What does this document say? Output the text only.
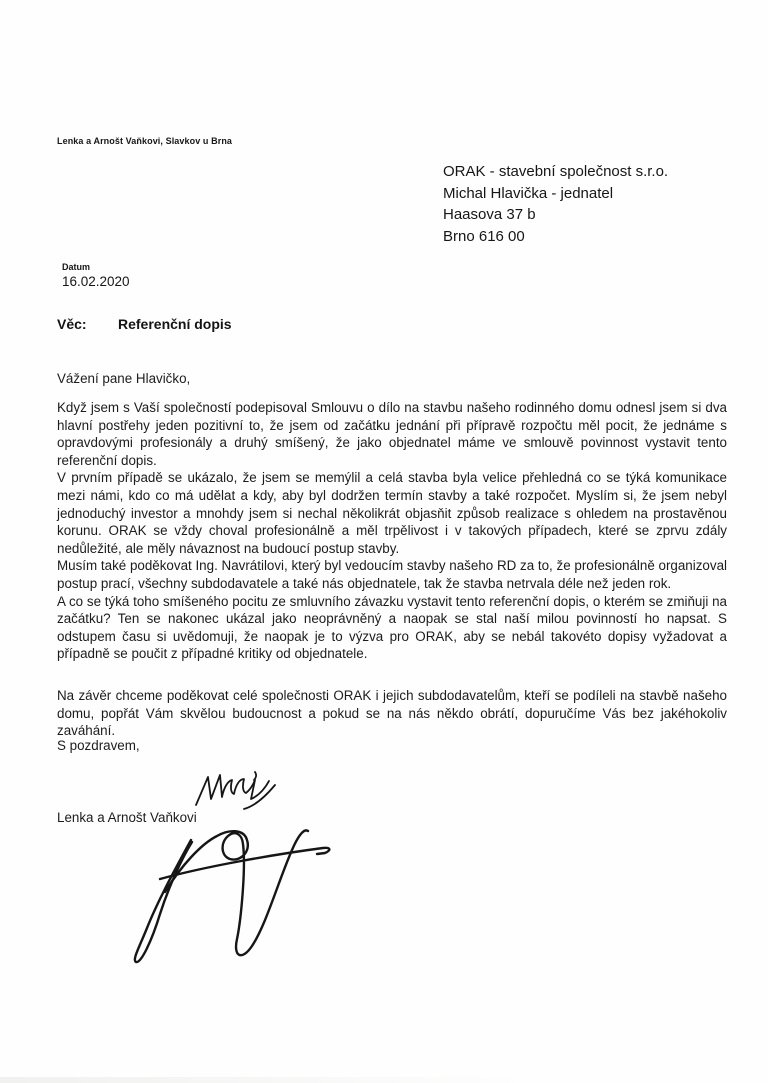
Lenka a Arnošt Vaňkovi, Slavkov u Brna
ORAK - stavební společnost s.r.o.
Michal Hlavička - jednatel
Haasova 37 b
Brno 616 00
Datum
16.02.2020
Věc:	Referenční dopis
Vážení pane Hlavičko,

Když jsem s Vaší společností podepisoval Smlouvu o dílo na stavbu našeho rodinného domu odnesl jsem si dva hlavní postřehy jeden pozitivní to, že jsem od začátku jednání při přípravě rozpočtu měl pocit, že jednáme s opravdovými profesionály a druhý smíšený, že jako objednatel máme ve smlouvě povinnost vystavit tento referenční dopis.

V prvním případě se ukázalo, že jsem se memýlil a celá stavba byla velice přehledná co se týká komunikace mezi námi, kdo co má udělat a kdy, aby byl dodržen termín stavby a také rozpočet. Myslím si, že jsem nebyl jednoduchý investor a mnohdy jsem si nechal několikrát objasňit způsob realizace s ohledem na prostavěnou korunu. ORAK se vždy choval profesionálně a měl trpělivost i v takových případech, které se zprvu zdály nedůležité, ale měly návaznost na budoucí postup stavby.

Musím také poděkovat Ing. Navrátilovi, který byl vedoucím stavby našeho RD za to, že profesionálně organizoval postup prací, všechny subdodavatele a také nás objednatele, tak že stavba netrvala déle než jeden rok.

A co se týká toho smíšeného pocitu ze smluvního závazku vystavit tento referenční dopis, o kterém se zmiňuji na začátku? Ten se nakonec ukázal jako neoprávněný a naopak se stal naší milou povinností ho napsat. S odstupem času si uvědomuji, že naopak je to výzva pro ORAK, aby se nebál takovéto dopisy vyžadovat a případně se poučit z případné kritiky od objednatele.

Na závěr chceme poděkovat celé společnosti ORAK i jejich subdodavatelům, kteří se podíleli na stavbě našeho domu, popřát Vám skvělou budoucnost a pokud se na nás někdo obrátí, dopuručíme Vás bez jakéhokoliv zaváhání.

S pozdravem,
Lenka a Arnošt Vaňkovi
